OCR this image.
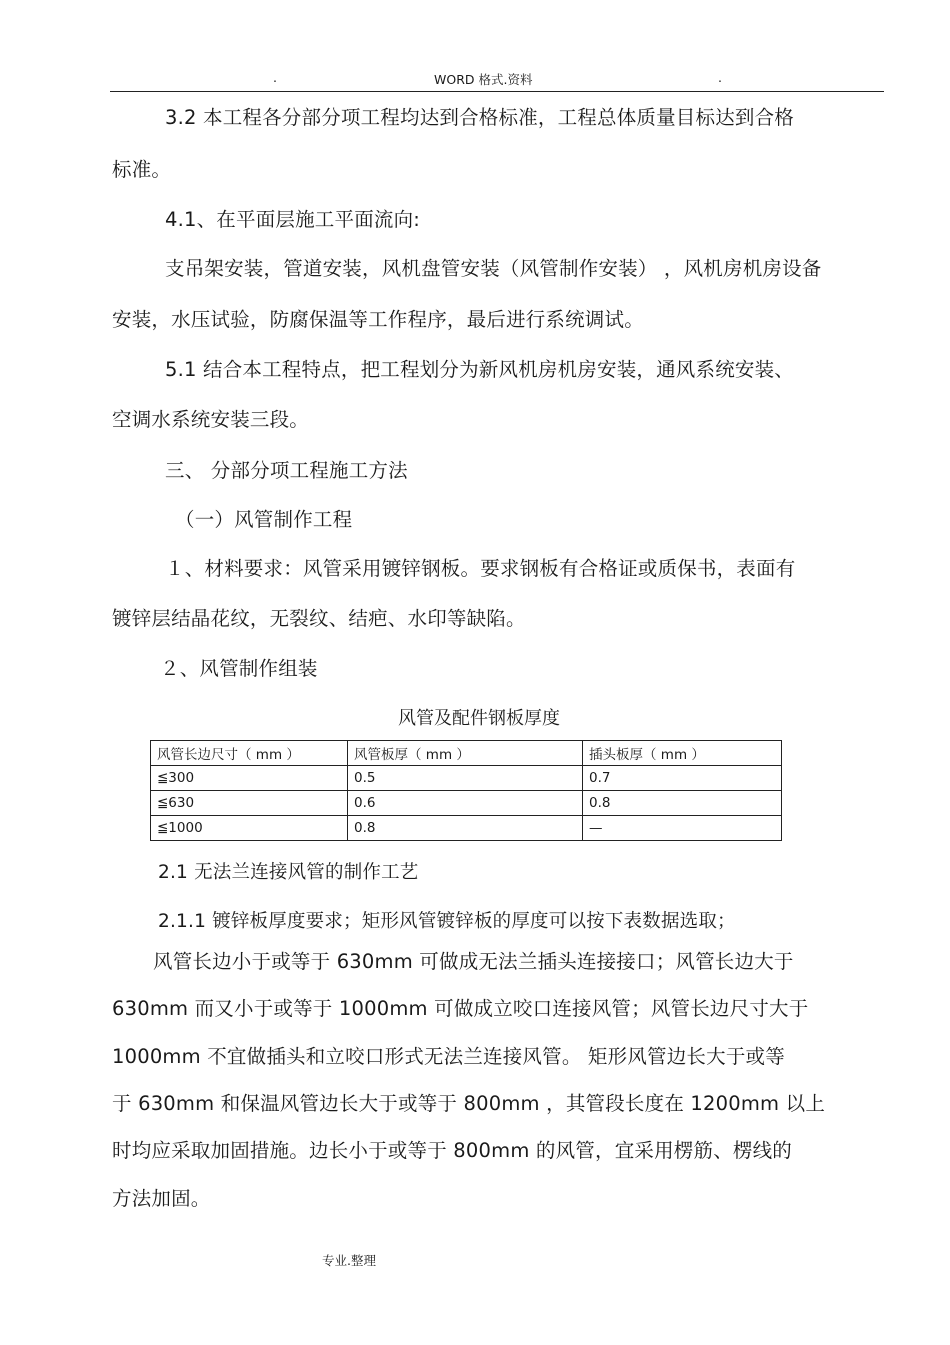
.	WORD 格式.资料	.
3.2 本工程各分部分项工程均达到合格标准，工程总体质量目标达到合格
标准。
4.1、在平面层施工平面流向:
支吊架安装，管道安装，风机盘管安装（风管制作安装） ，风机房机房设备
安装，水压试验，防腐保温等工作程序，最后进行系统调试。
5.1 结合本工程特点，把工程划分为新风机房机房安装，通风系统安装、
空调水系统安装三段。
三、 分部分项工程施工方法
（一）风管制作工程
１、材料要求：风管采用镀锌钢板。要求钢板有合格证或质保书，表面有
镀锌层结晶花纹，无裂纹、结疤、水印等缺陷。
２、风管制作组装
风管及配件钢板厚度
风管长边尺寸（ mm ）	风管板厚（ mm ）	插头板厚（ mm ）
≦300	0.5	0.7
≦630	0.6	0.8
≦1000	0.8	—
2.1 无法兰连接风管的制作工艺
2.1.1 镀锌板厚度要求；矩形风管镀锌板的厚度可以按下表数据选取；
风管长边小于或等于 630mm 可做成无法兰插头连接接口；风管长边大于
630mm 而又小于或等于 1000mm 可做成立咬口连接风管；风管长边尺寸大于
1000mm 不宜做插头和立咬口形式无法兰连接风管。 矩形风管边长大于或等
于 630mm 和保温风管边长大于或等于 800mm ，其管段长度在 1200mm 以上
时均应采取加固措施。边长小于或等于 800mm 的风管，宜采用楞筋、楞线的
方法加固。
专业.整理
